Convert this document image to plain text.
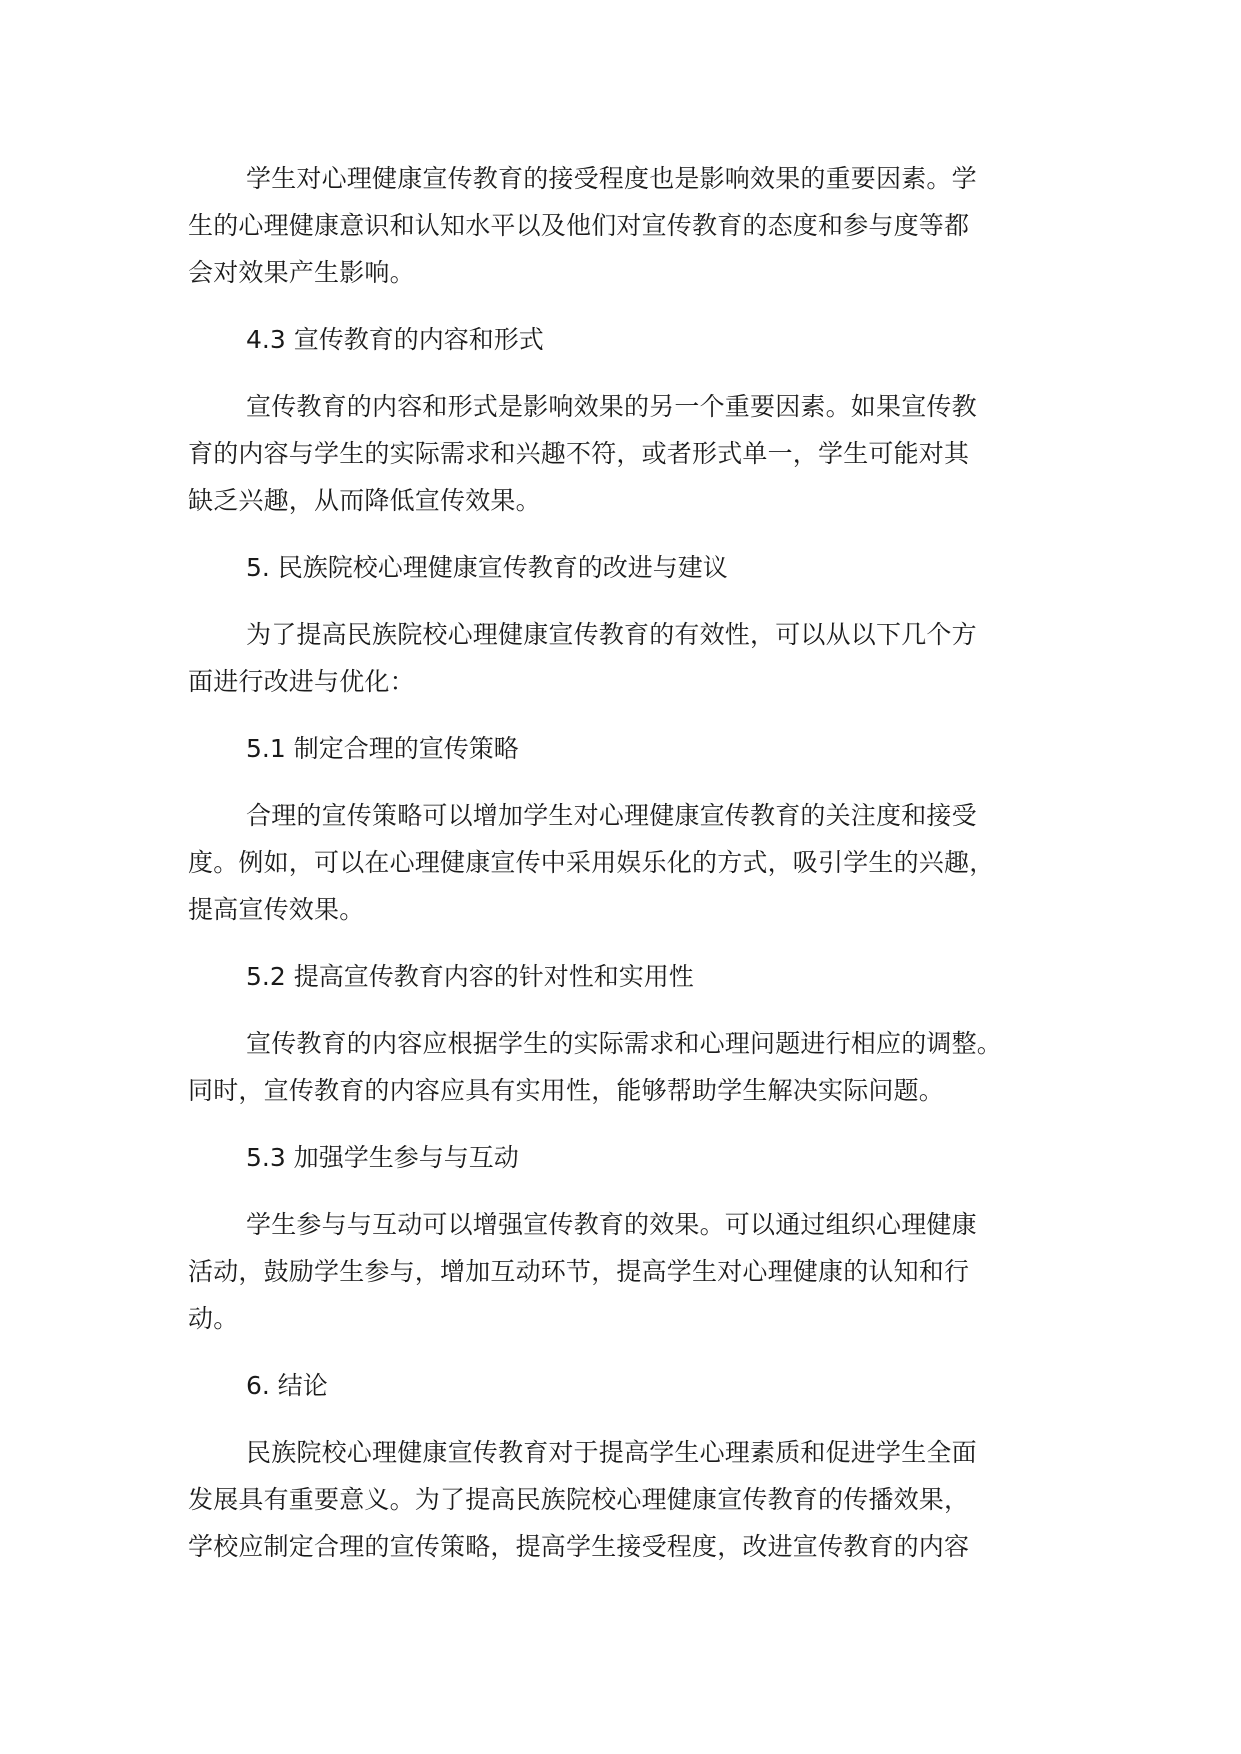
学生对心理健康宣传教育的接受程度也是影响效果的重要因素。学
生的心理健康意识和认知水平以及他们对宣传教育的态度和参与度等都
会对效果产生影响。

4.3 宣传教育的内容和形式

宣传教育的内容和形式是影响效果的另一个重要因素。如果宣传教
育的内容与学生的实际需求和兴趣不符，或者形式单一，学生可能对其
缺乏兴趣，从而降低宣传效果。

5. 民族院校心理健康宣传教育的改进与建议

为了提高民族院校心理健康宣传教育的有效性，可以从以下几个方
面进行改进与优化：

5.1 制定合理的宣传策略

合理的宣传策略可以增加学生对心理健康宣传教育的关注度和接受
度。例如，可以在心理健康宣传中采用娱乐化的方式，吸引学生的兴趣，
提高宣传效果。

5.2 提高宣传教育内容的针对性和实用性

宣传教育的内容应根据学生的实际需求和心理问题进行相应的调整。
同时，宣传教育的内容应具有实用性，能够帮助学生解决实际问题。

5.3 加强学生参与与互动

学生参与与互动可以增强宣传教育的效果。可以通过组织心理健康
活动，鼓励学生参与，增加互动环节，提高学生对心理健康的认知和行
动。

6. 结论

民族院校心理健康宣传教育对于提高学生心理素质和促进学生全面
发展具有重要意义。为了提高民族院校心理健康宣传教育的传播效果，
学校应制定合理的宣传策略，提高学生接受程度，改进宣传教育的内容
